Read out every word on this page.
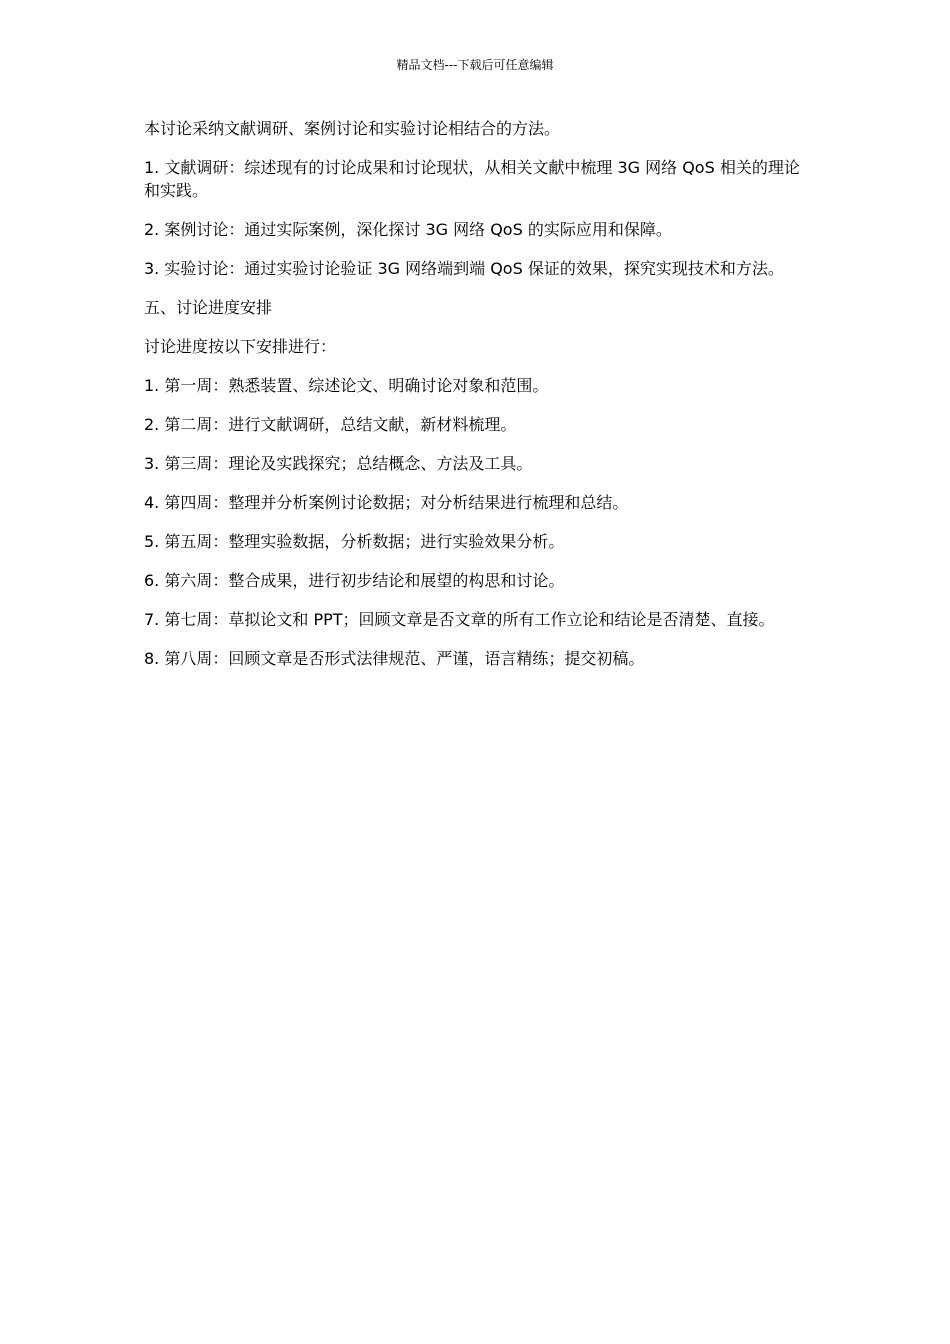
精品文档---下载后可任意编辑

本讨论采纳文献调研、案例讨论和实验讨论相结合的方法。

1. 文献调研：综述现有的讨论成果和讨论现状，从相关文献中梳理 3G 网络 QoS 相关的理论和实践。

2. 案例讨论：通过实际案例，深化探讨 3G 网络 QoS 的实际应用和保障。

3. 实验讨论：通过实验讨论验证 3G 网络端到端 QoS 保证的效果，探究实现技术和方法。

五、讨论进度安排

讨论进度按以下安排进行：

1. 第一周：熟悉装置、综述论文、明确讨论对象和范围。

2. 第二周：进行文献调研，总结文献，新材料梳理。

3. 第三周：理论及实践探究；总结概念、方法及工具。

4. 第四周：整理并分析案例讨论数据；对分析结果进行梳理和总结。

5. 第五周：整理实验数据，分析数据；进行实验效果分析。

6. 第六周：整合成果，进行初步结论和展望的构思和讨论。

7. 第七周：草拟论文和 PPT；回顾文章是否文章的所有工作立论和结论是否清楚、直接。

8. 第八周：回顾文章是否形式法律规范、严谨，语言精练；提交初稿。
